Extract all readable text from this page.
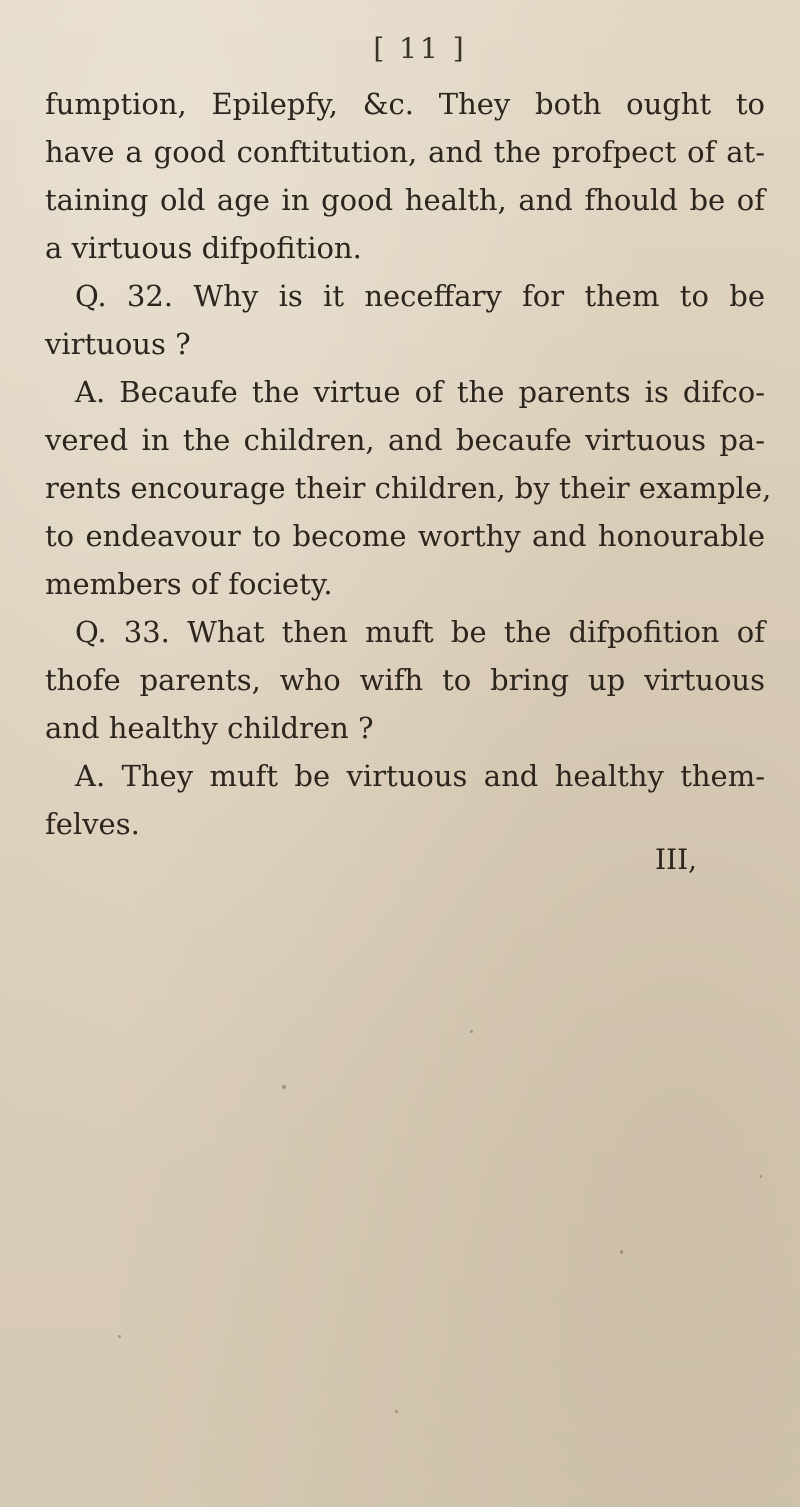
[ 11 ]
fumption, Epilepfy, &c. They both ought to
have a good conftitution, and the profpect of at-
taining old age in good health, and fhould be of
a virtuous difpofition.
Q. 32. Why is it neceffary for them to be
virtuous ?
A. Becaufe the virtue of the parents is difco-
vered in the children, and becaufe virtuous pa-
rents encourage their children, by their example,
to endeavour to become worthy and honourable
members of fociety.
Q. 33. What then muft be the difpofition of
thofe parents, who wifh to bring up virtuous
and healthy children ?
A. They muft be virtuous and healthy them-
felves.
III,
